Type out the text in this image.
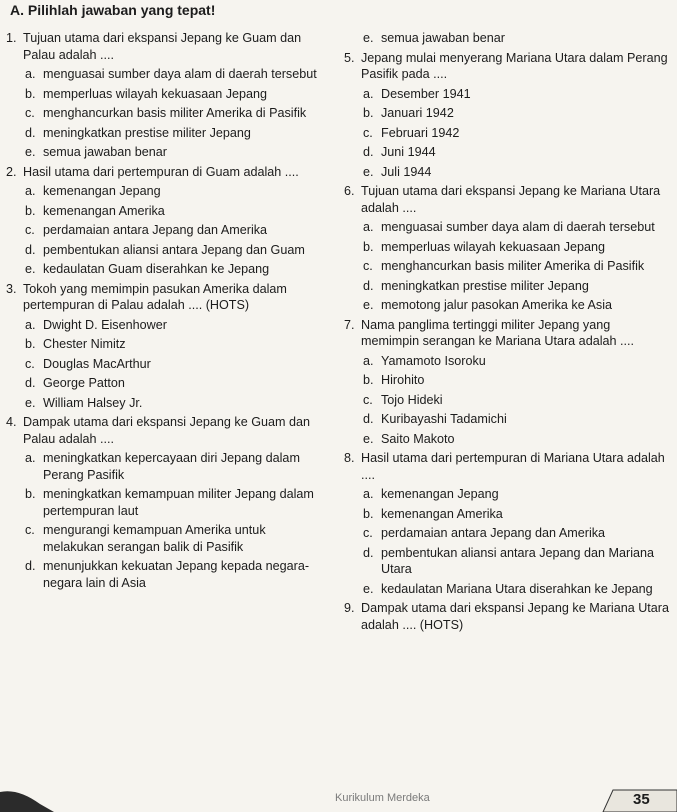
A. Pilihlah jawaban yang tepat!
1. Tujuan utama dari ekspansi Jepang ke Guam dan Palau adalah ....
a. menguasai sumber daya alam di daerah tersebut
b. memperluas wilayah kekuasaan Jepang
c. menghancurkan basis militer Amerika di Pasifik
d. meningkatkan prestise militer Jepang
e. semua jawaban benar
2. Hasil utama dari pertempuran di Guam adalah ....
a. kemenangan Jepang
b. kemenangan Amerika
c. perdamaian antara Jepang dan Amerika
d. pembentukan aliansi antara Jepang dan Guam
e. kedaulatan Guam diserahkan ke Jepang
3. Tokoh yang memimpin pasukan Amerika dalam pertempuran di Palau adalah .... (HOTS)
a. Dwight D. Eisenhower
b. Chester Nimitz
c. Douglas MacArthur
d. George Patton
e. William Halsey Jr.
4. Dampak utama dari ekspansi Jepang ke Guam dan Palau adalah ....
a. meningkatkan kepercayaan diri Jepang dalam Perang Pasifik
b. meningkatkan kemampuan militer Jepang dalam pertempuran laut
c. mengurangi kemampuan Amerika untuk melakukan serangan balik di Pasifik
d. menunjukkan kekuatan Jepang kepada negara-negara lain di Asia
e. semua jawaban benar
5. Jepang mulai menyerang Mariana Utara dalam Perang Pasifik pada ....
a. Desember 1941
b. Januari 1942
c. Februari 1942
d. Juni 1944
e. Juli 1944
6. Tujuan utama dari ekspansi Jepang ke Mariana Utara adalah ....
a. menguasai sumber daya alam di daerah tersebut
b. memperluas wilayah kekuasaan Jepang
c. menghancurkan basis militer Amerika di Pasifik
d. meningkatkan prestise militer Jepang
e. memotong jalur pasokan Amerika ke Asia
7. Nama panglima tertinggi militer Jepang yang memimpin serangan ke Mariana Utara adalah ....
a. Yamamoto Isoroku
b. Hirohito
c. Tojo Hideki
d. Kuribayashi Tadamichi
e. Saito Makoto
8. Hasil utama dari pertempuran di Mariana Utara adalah ....
a. kemenangan Jepang
b. kemenangan Amerika
c. perdamaian antara Jepang dan Amerika
d. pembentukan aliansi antara Jepang dan Mariana Utara
e. kedaulatan Mariana Utara diserahkan ke Jepang
9. Dampak utama dari ekspansi Jepang ke Mariana Utara adalah .... (HOTS)
Kurikulum Merdeka	35
